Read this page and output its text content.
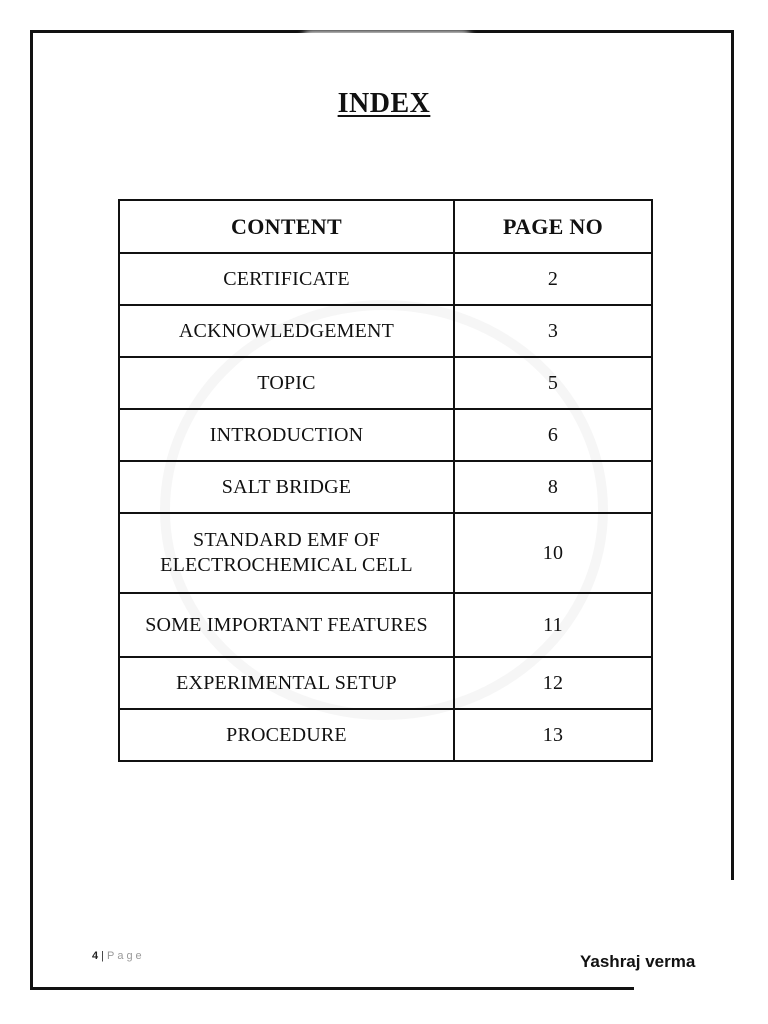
INDEX
CONTENT	PAGE NO
CERTIFICATE	2
ACKNOWLEDGEMENT	3
TOPIC	5
INTRODUCTION	6
SALT BRIDGE	8
STANDARD EMF OF ELECTROCHEMICAL CELL	10
SOME IMPORTANT FEATURES	11
EXPERIMENTAL SETUP	12
PROCEDURE	13
4 | Page	Yashraj verma
